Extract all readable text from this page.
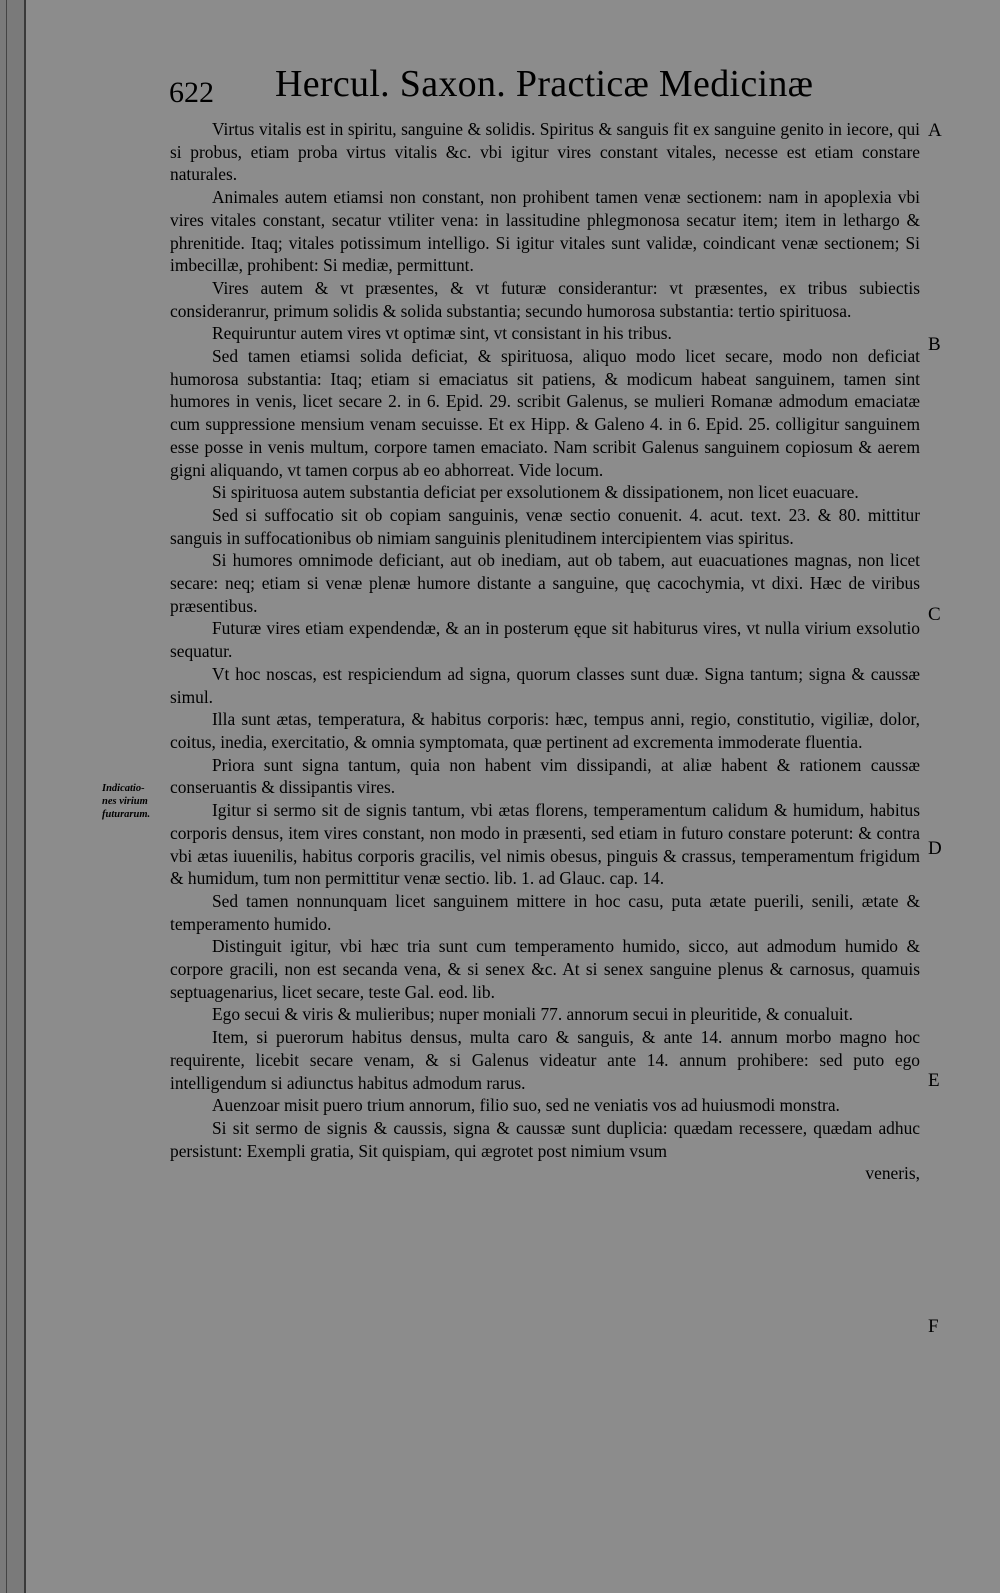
622 Hercul. Saxon. Practicæ Medicinæ
Indicatio-
nes virium
futurarum.
A
B
C
D
E
F

Virtus vitalis est in spiritu, sanguine & solidis. Spiritus & sanguis fit ex sanguine genito in iecore, qui si probus, etiam proba virtus vitalis &c. vbi igitur vires constant vitales, necesse est etiam constare naturales.

Animales autem etiamsi non constant, non prohibent tamen venæ sectionem: nam in apoplexia vbi vires vitales constant, secatur vtiliter vena: in lassitudine phlegmonosa secatur item; item in lethargo & phrenitide. Itaq; vitales potissimum intelligo. Si igitur vitales sunt validæ, coindicant venæ sectionem; Si imbecillæ, prohibent: Si mediæ, permittunt.

Vires autem & vt præsentes, & vt futuræ considerantur: vt præsentes, ex tribus subiectis consideranrur, primum solidis & solida substantia; secundo humorosa substantia: tertio spirituosa.

Requiruntur autem vires vt optimæ sint, vt consistant in his tribus.

Sed tamen etiamsi solida deficiat, & spirituosa, aliquo modo licet secare, modo non deficiat humorosa substantia: Itaq; etiam si emaciatus sit patiens, & modicum habeat sanguinem, tamen sint humores in venis, licet secare 2. in 6. Epid. 29. scribit Galenus, se mulieri Romanæ admodum emaciatæ cum suppressione mensium venam secuisse. Et ex Hipp. & Galeno 4. in 6. Epid. 25. colligitur sanguinem esse posse in venis multum, corpore tamen emaciato. Nam scribit Galenus sanguinem copiosum & aerem gigni aliquando, vt tamen corpus ab eo abhorreat. Vide locum.

Si spirituosa autem substantia deficiat per exsolutionem & dissipationem, non licet euacuare.

Sed si suffocatio sit ob copiam sanguinis, venæ sectio conuenit. 4. acut. text. 23. & 80. mittitur sanguis in suffocationibus ob nimiam sanguinis plenitudinem intercipientem vias spiritus.

Si humores omnimode deficiant, aut ob inediam, aut ob tabem, aut euacuationes magnas, non licet secare: neq; etiam si venæ plenæ humore distante a sanguine, quę cacochymia, vt dixi. Hæc de viribus præsentibus.

Futuræ vires etiam expendendæ, & an in posterum ęque sit habiturus vires, vt nulla virium exsolutio sequatur.

Vt hoc noscas, est respiciendum ad signa, quorum classes sunt duæ. Signa tantum; signa & caussæ simul.

Illa sunt ætas, temperatura, & habitus corporis: hæc, tempus anni, regio, constitutio, vigiliæ, dolor, coitus, inedia, exercitatio, & omnia symptomata, quæ pertinent ad excrementa immoderate fluentia.

Priora sunt signa tantum, quia non habent vim dissipandi, at aliæ habent & rationem caussæ conseruantis & dissipantis vires.

Igitur si sermo sit de signis tantum, vbi ætas florens, temperamentum calidum & humidum, habitus corporis densus, item vires constant, non modo in præsenti, sed etiam in futuro constare poterunt: & contra vbi ætas iuuenilis, habitus corporis gracilis, vel nimis obesus, pinguis & crassus, temperamentum frigidum & humidum, tum non permittitur venæ sectio. lib. 1. ad Glauc. cap. 14.

Sed tamen nonnunquam licet sanguinem mittere in hoc casu, puta ætate puerili, senili, ætate & temperamento humido.

Distinguit igitur, vbi hæc tria sunt cum temperamento humido, sicco, aut admodum humido & corpore gracili, non est secanda vena, & si senex &c. At si senex sanguine plenus & carnosus, quamuis septuagenarius, licet secare, teste Gal. eod. lib.

Ego secui & viris & mulieribus; nuper moniali 77. annorum secui in pleuritide, & conualuit.

Item, si puerorum habitus densus, multa caro & sanguis, & ante 14. annum morbo magno hoc requirente, licebit secare venam, & si Galenus videatur ante 14. annum prohibere: sed puto ego intelligendum si adiunctus habitus admodum rarus.

Auenzoar misit puero trium annorum, filio suo, sed ne veniatis vos ad huiusmodi monstra.

Si sit sermo de signis & caussis, signa & caussæ sunt duplicia: quædam recessere, quædam adhuc persistunt: Exempli gratia, Sit quispiam, qui ægrotet post nimium vsum

veneris,
